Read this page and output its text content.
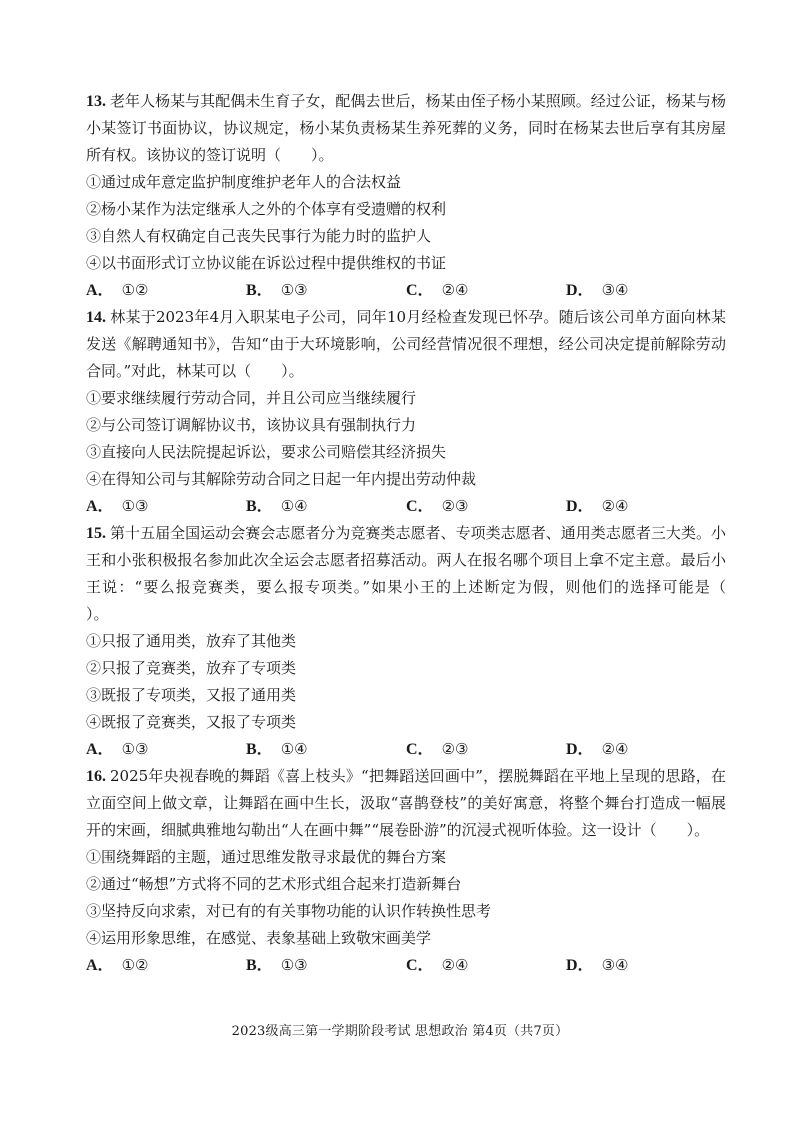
13. 老年人杨某与其配偶未生育子女，配偶去世后，杨某由侄子杨小某照顾。经过公证，杨某与杨小某签订书面协议，协议规定，杨小某负责杨某生养死葬的义务，同时在杨某去世后享有其房屋所有权。该协议的签订说明（　　）。

①通过成年意定监护制度维护老年人的合法权益

②杨小某作为法定继承人之外的个体享有受遗赠的权利

③自然人有权确定自己丧失民事行为能力时的监护人

④以书面形式订立协议能在诉讼过程中提供维权的书证

A． ①②	B． ①③	C． ②④	D． ③④

14. 林某于2023年4月入职某电子公司，同年10月经检查发现已怀孕。随后该公司单方面向林某发送《解聘通知书》，告知“由于大环境影响，公司经营情况很不理想，经公司决定提前解除劳动合同。”对此，林某可以（　　）。

①要求继续履行劳动合同，并且公司应当继续履行

②与公司签订调解协议书，该协议具有强制执行力

③直接向人民法院提起诉讼，要求公司赔偿其经济损失

④在得知公司与其解除劳动合同之日起一年内提出劳动仲裁

A． ①③	B． ①④	C． ②③	D． ②④

15. 第十五届全国运动会赛会志愿者分为竞赛类志愿者、专项类志愿者、通用类志愿者三大类。小王和小张积极报名参加此次全运会志愿者招募活动。两人在报名哪个项目上拿不定主意。最后小王说：“要么报竞赛类，要么报专项类。”如果小王的上述断定为假，则他们的选择可能是（　　）。

①只报了通用类，放弃了其他类

②只报了竞赛类，放弃了专项类

③既报了专项类，又报了通用类

④既报了竞赛类，又报了专项类

A． ①③	B． ①④	C． ②③	D． ②④

16. 2025年央视春晚的舞蹈《喜上枝头》“把舞蹈送回画中”，摆脱舞蹈在平地上呈现的思路，在立面空间上做文章，让舞蹈在画中生长，汲取“喜鹊登枝”的美好寓意，将整个舞台打造成一幅展开的宋画，细腻典雅地勾勒出“人在画中舞”“展卷卧游”的沉浸式视听体验。这一设计（　　）。

①围绕舞蹈的主题，通过思维发散寻求最优的舞台方案

②通过“畅想”方式将不同的艺术形式组合起来打造新舞台

③坚持反向求索，对已有的有关事物功能的认识作转换性思考

④运用形象思维，在感觉、表象基础上致敬宋画美学

A． ①②	B． ①③	C． ②④	D． ③④
2023级高三第一学期阶段考试 思想政治 第4页（共7页）
